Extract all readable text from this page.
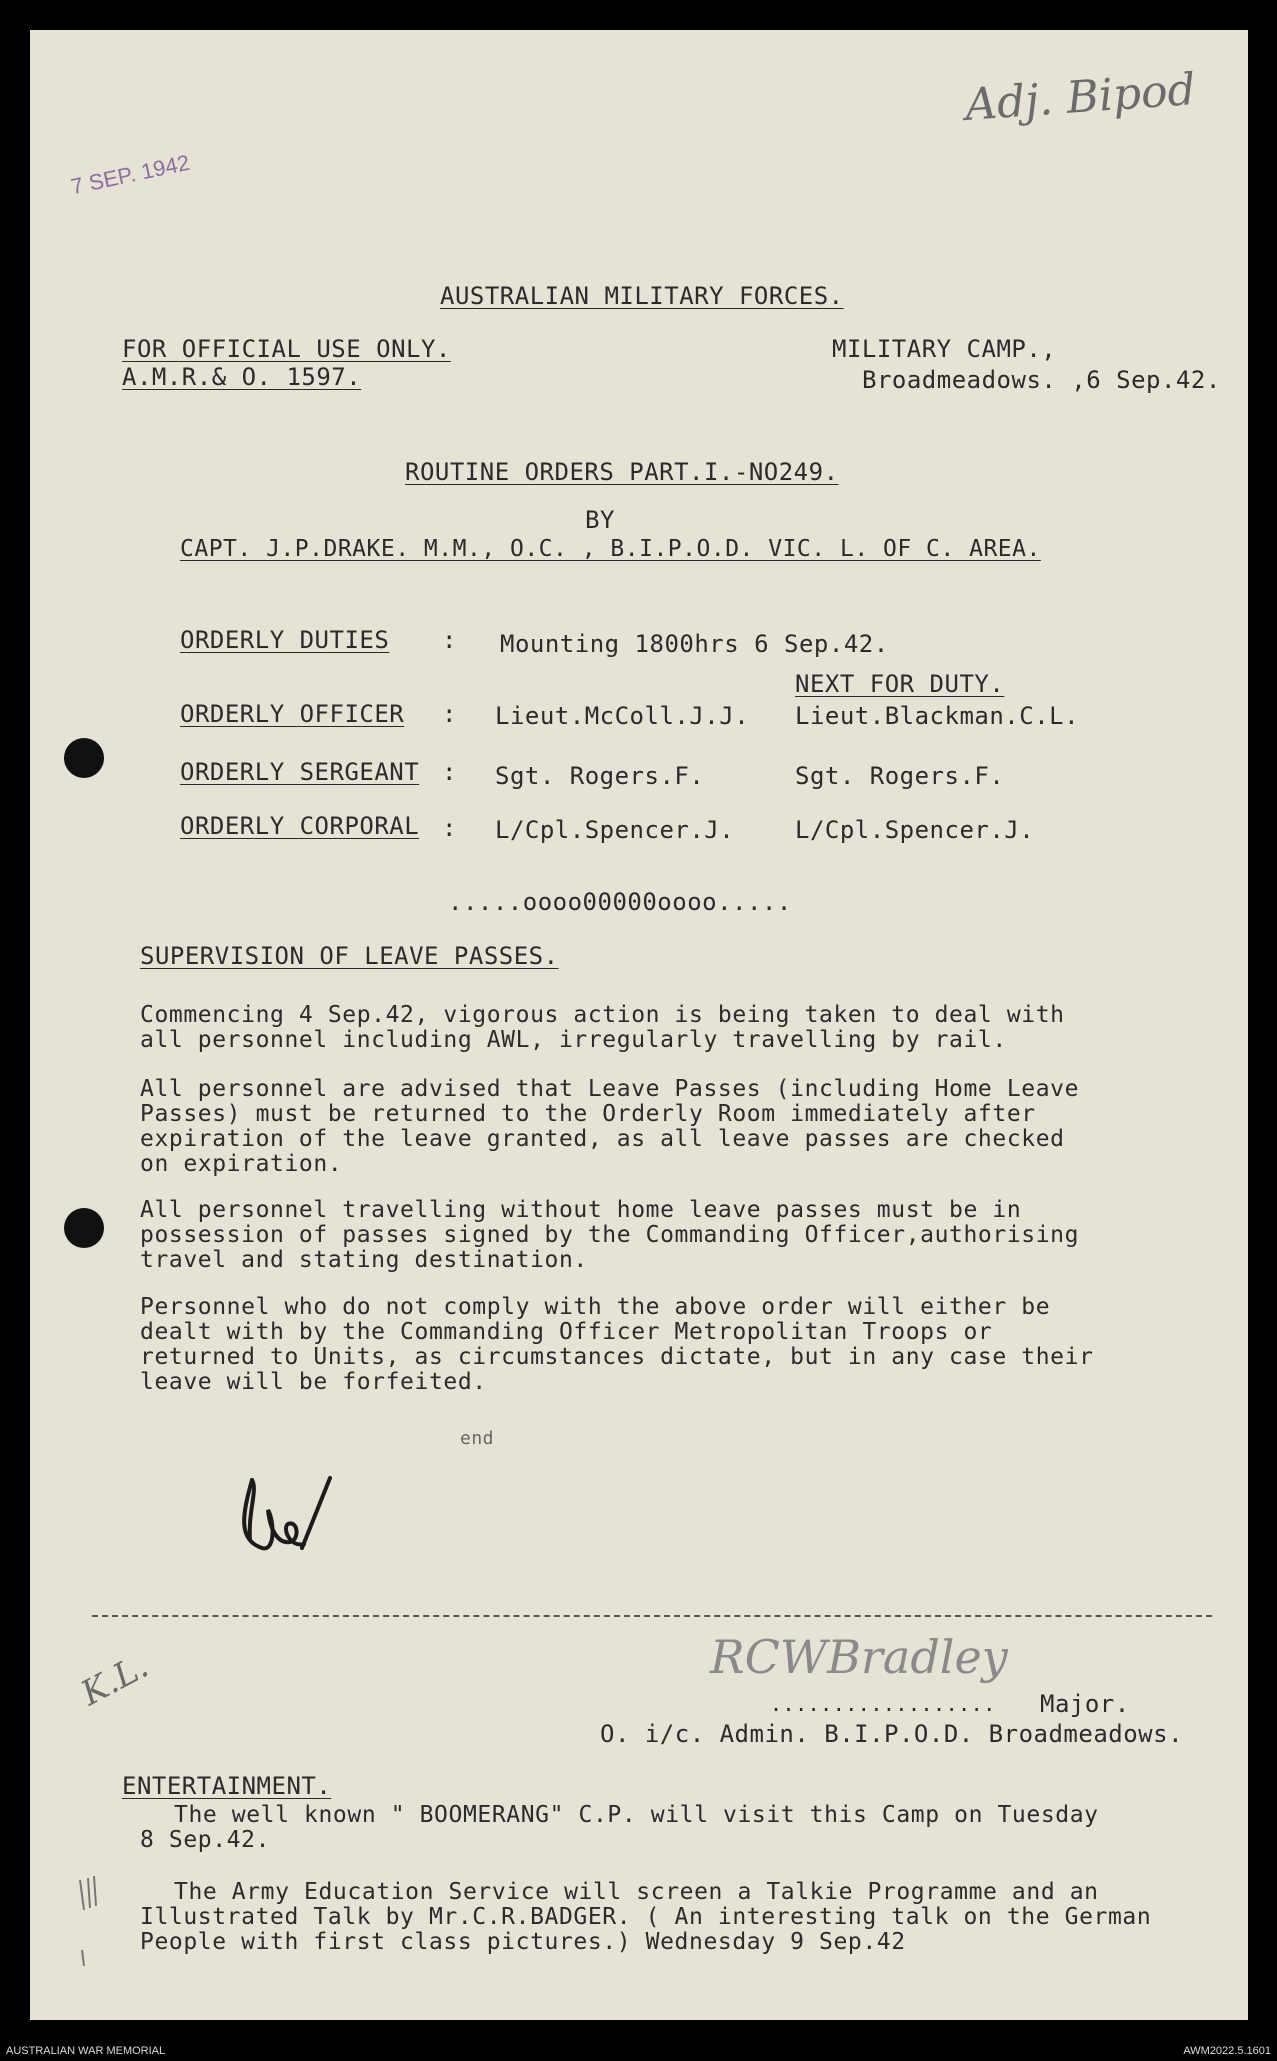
Adj. Bipod
7 SEP. 1942
AUSTRALIAN MILITARY FORCES.
FOR OFFICIAL USE ONLY.
A.M.R.& O. 1597.
MILITARY CAMP.,
Broadmeadows. ,6 Sep.42.
ROUTINE ORDERS PART.I.-NO249.
BY
CAPT. J.P.DRAKE. M.M., O.C. , B.I.P.O.D. VIC. L. OF C. AREA.
ORDERLY DUTIES : Mounting 1800hrs 6 Sep.42.
NEXT FOR DUTY.
ORDERLY OFFICER : Lieut.McColl.J.J. Lieut.Blackman.C.L.
ORDERLY SERGEANT : Sgt. Rogers.F.	Sgt. Rogers.F.
ORDERLY CORPORAL : L/Cpl.Spencer.J.	L/Cpl.Spencer.J.
.....oooo00000oooo.....
SUPERVISION OF LEAVE PASSES.
Commencing 4 Sep.42, vigorous action is being taken to deal with
all personnel including AWL, irregularly travelling by rail.
All personnel are advised that Leave Passes (including Home Leave
Passes) must be returned to the Orderly Room immediately after
expiration of the leave granted, as all leave passes are checked
on expiration.
All personnel travelling without home leave passes must be in
possession of passes signed by the Commanding Officer,authorising
travel and stating destination.
Personnel who do not comply with the above order will either be
dealt with by the Commanding Officer Metropolitan Troops or
returned to Units, as circumstances dictate, but in any case their
leave will be forfeited.
end
K.L.	RCWBradley
.................. Major.
O. i/c. Admin. B.I.P.O.D. Broadmeadows.
ENTERTAINMENT.
The well known " BOOMERANG" C.P. will visit this Camp on Tuesday
8 Sep.42.
The Army Education Service will screen a Talkie Programme and an
Illustrated Talk by Mr.C.R.BADGER. ( An interesting talk on the German
People with first class pictures.) Wednesday 9 Sep.42
AUSTRALIAN WAR MEMORIAL	AWM2022.5.1601
